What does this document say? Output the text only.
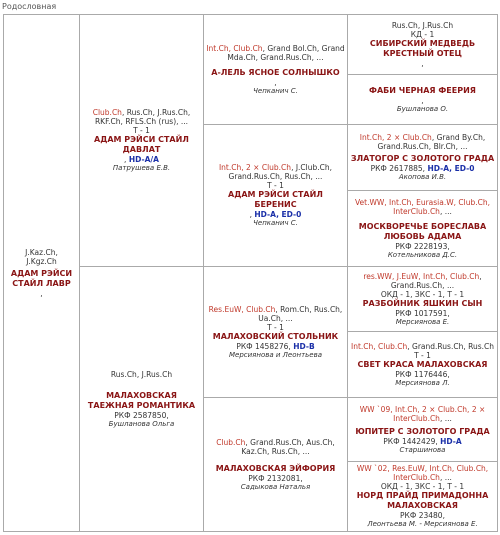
Родословная
J.Kaz.Ch, J.Kgz.Ch
АДАМ РЭЙСИ СТАЙЛ ЛАВР
,	Club.Ch, Rus.Ch, J.Rus.Ch, RKF.Ch, RFLS.Ch (rus), ...
Т - 1
АДАМ РЭЙСИ СТАЙЛ ДАВЛАТ
, HD-A/A
Патрушева Е.В.	Int.Ch, Club.Ch, Grand Bol.Ch, Grand Mda.Ch, Grand.Rus.Ch, ...
А-ЛЕЛЬ ЯСНОЕ СОЛНЫШКО
,
Чепканич С.	Rus.Ch, J.Rus.Ch
КД - 1
СИБИРСКИЙ МЕДВЕДЬ КРЕСТНЫЙ ОТЕЦ
,

			ФАБИ ЧЕРНАЯ ФЕЕРИЯ
,
Бушланова О.

		Int.Ch, 2 × Club.Ch, J.Club.Ch, Grand.Rus.Ch, Rus.Ch, ...
Т - 1
АДАМ РЭЙСИ СТАЙЛ БЕРЕНИС
, HD-A, ED-0
Чепканич С.	Int.Ch, 2 × Club.Ch, Grand By.Ch, Grand.Rus.Ch, Blr.Ch, ...
ЗЛАТОГОР С ЗОЛОТОГО ГРАДА
РКФ 2617885, HD-A, ED-0
Акопова И.В.

			Vet.WW, Int.Ch, Eurasia.W, Club.Ch, InterClub.Ch, ...
МОСКВОРЕЧЬЕ БОРЕСЛАВА ЛЮБОВЬ АДАМА
РКФ 2228193,
Котельникова Д.С.

	Rus.Ch, J.Rus.Ch
МАЛАХОВСКАЯ ТАЕЖНАЯ РОМАНТИКА
РКФ 2587850,
Бушланова Ольга	Res.EuW, Club.Ch, Rom.Ch, Rus.Ch, Ua.Ch, ...
Т - 1
МАЛАХОВСКИЙ СТОЛЬНИК
РКФ 1458276, HD-B
Мерсиянова и Леонтьева	res.WW, J.EuW, Int.Ch, Club.Ch, Grand.Rus.Ch, ...
ОКД - 1, ЗКС - 1, Т - 1
РАЗБОЙНИК ЯШКИН СЫН
РКФ 1017591,
Мерсиянова Е.

			Int.Ch, Club.Ch, Grand.Rus.Ch, Rus.Ch
Т - 1
СВЕТ КРАСА МАЛАХОВСКАЯ
РКФ 1176446,
Мерсиянова Л.

		Club.Ch, Grand.Rus.Ch, Aus.Ch, Kaz.Ch, Rus.Ch, ...
МАЛАХОВСКАЯ ЭЙФОРИЯ
РКФ 2132081,
Садыкова Наталья	WW `09, Int.Ch, 2 × Club.Ch, 2 × InterClub.Ch, ...
ЮПИТЕР С ЗОЛОТОГО ГРАДА
РКФ 1442429, HD-A
Старшинова

			WW `02, Res.EuW, Int.Ch, Club.Ch, InterClub.Ch, ...
ОКД - 1, ЗКС - 1, Т - 1
НОРД ПРАЙД ПРИМАДОННА МАЛАХОВСКАЯ
РКФ 23480,
Леонтьева М. - Мерсиянова Е.
